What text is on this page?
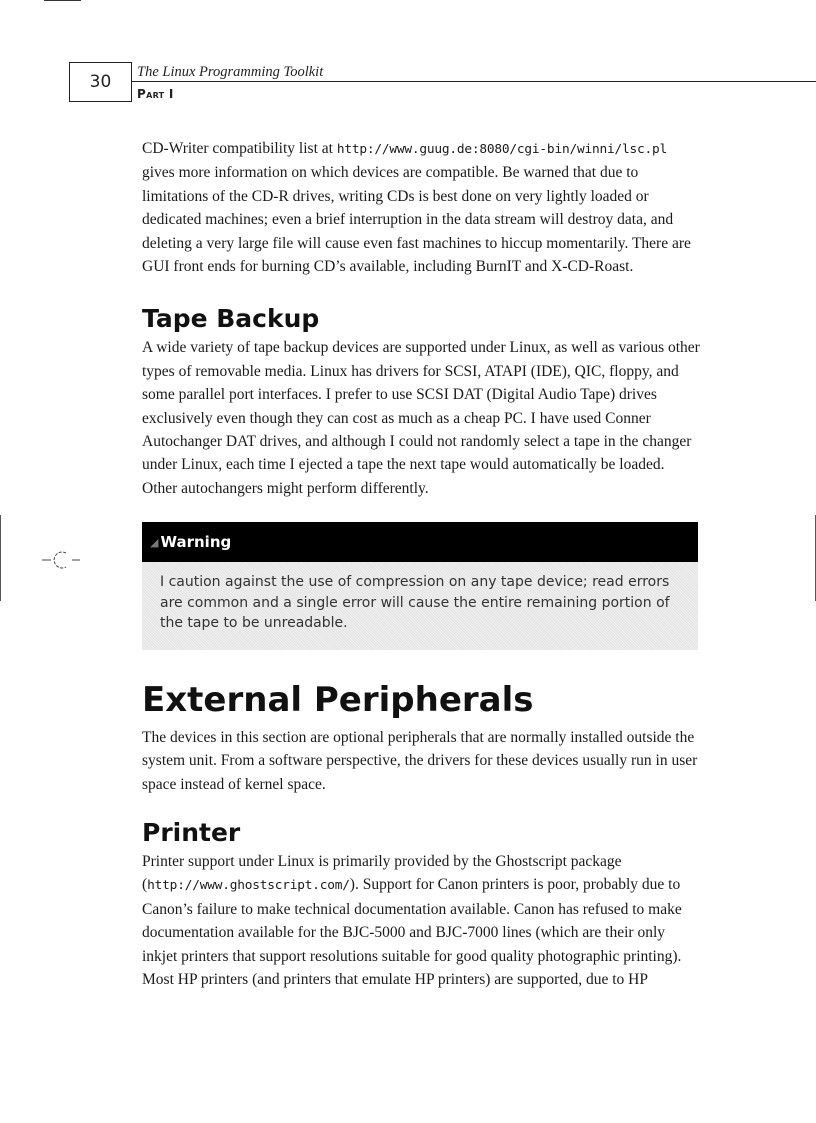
30 The Linux Programming Toolkit
Part I

CD-Writer compatibility list at http://www.guug.de:8080/cgi-bin/winni/lsc.pl gives more information on which devices are compatible. Be warned that due to limitations of the CD-R drives, writing CDs is best done on very lightly loaded or dedicated machines; even a brief interruption in the data stream will destroy data, and deleting a very large file will cause even fast machines to hiccup momentarily. There are GUI front ends for burning CD’s available, including BurnIT and X-CD-Roast.

Tape Backup

A wide variety of tape backup devices are supported under Linux, as well as various other types of removable media. Linux has drivers for SCSI, ATAPI (IDE), QIC, floppy, and some parallel port interfaces. I prefer to use SCSI DAT (Digital Audio Tape) drives exclusively even though they can cost as much as a cheap PC. I have used Conner Autochanger DAT drives, and although I could not randomly select a tape in the changer under Linux, each time I ejected a tape the next tape would automatically be loaded. Other autochangers might perform differently.

◢ Warning
I caution against the use of compression on any tape device; read errors are common and a single error will cause the entire remaining portion of the tape to be unreadable.
External Peripherals

The devices in this section are optional peripherals that are normally installed outside the system unit. From a software perspective, the drivers for these devices usually run in user space instead of kernel space.

Printer

Printer support under Linux is primarily provided by the Ghostscript package (http://www.ghostscript.com/). Support for Canon printers is poor, probably due to Canon’s failure to make technical documentation available. Canon has refused to make documentation available for the BJC-5000 and BJC-7000 lines (which are their only inkjet printers that support resolutions suitable for good quality photographic printing). Most HP printers (and printers that emulate HP printers) are supported, due to HP
